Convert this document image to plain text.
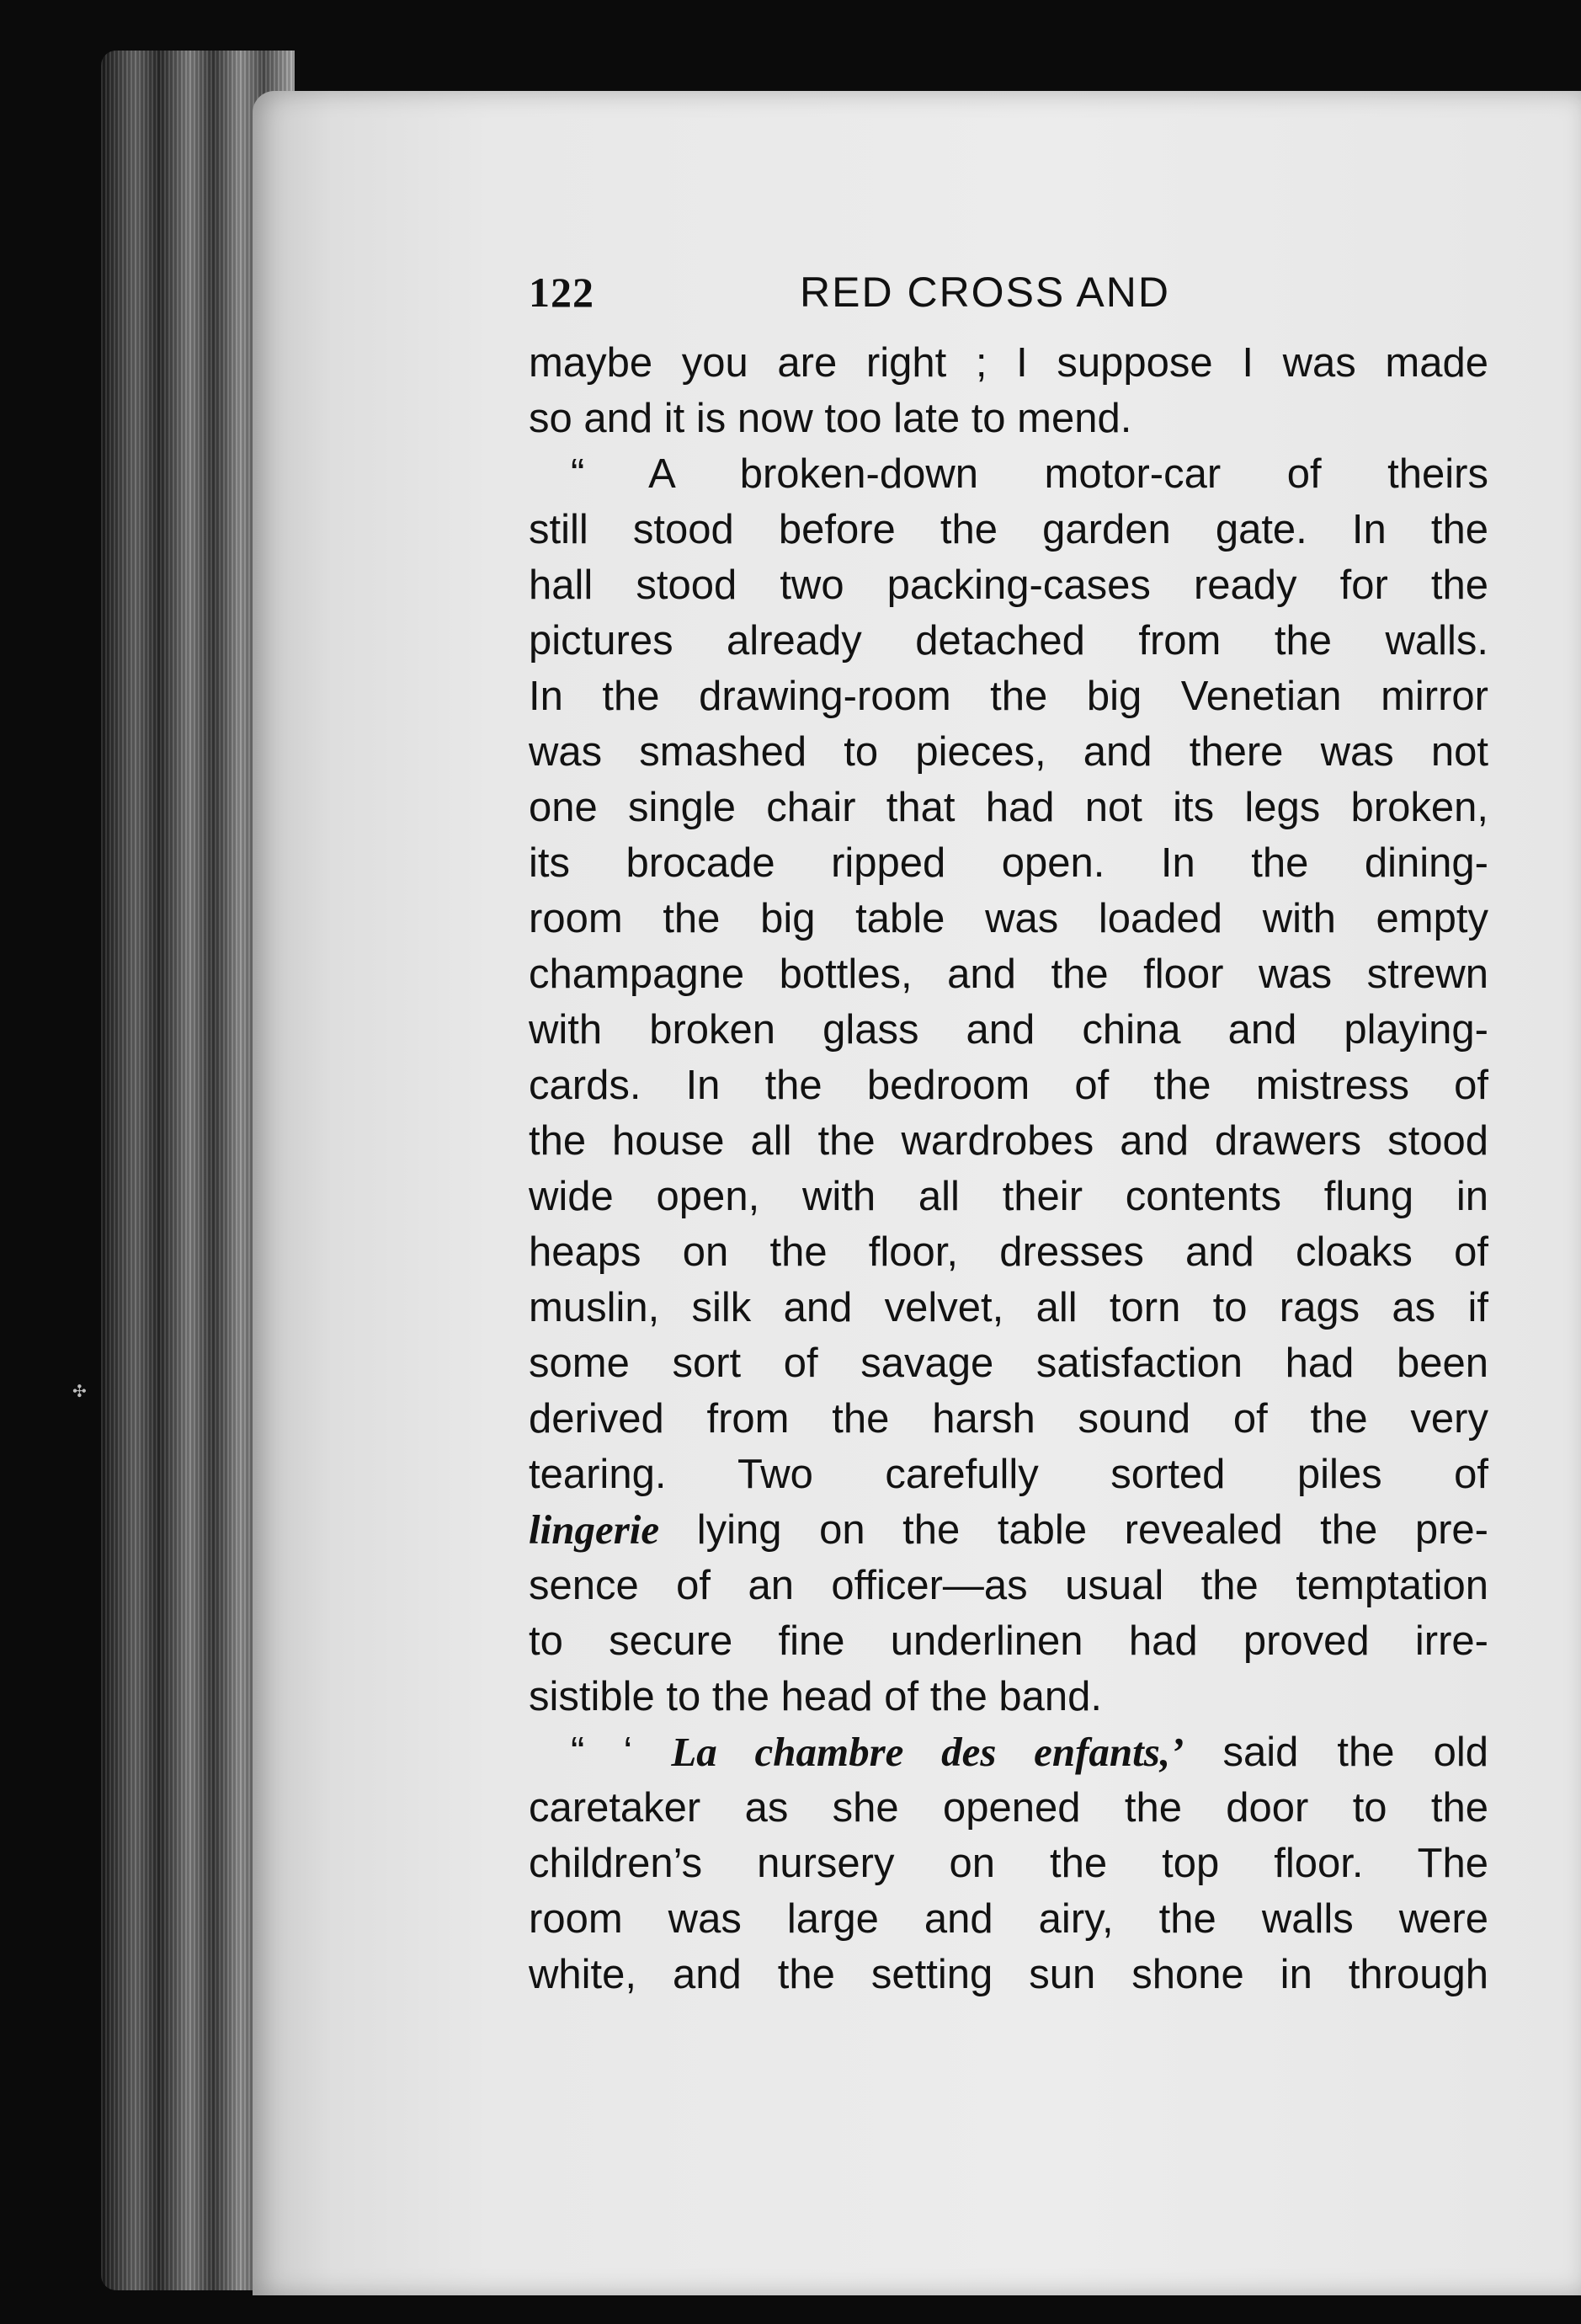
✣
122	RED CROSS AND
maybe you are right ; I suppose I was made
so and it is now too late to mend.
“ A broken-down motor-car of theirs
still stood before the garden gate. In the
hall stood two packing-cases ready for the
pictures already detached from the walls.
In the drawing-room the big Venetian mirror
was smashed to pieces, and there was not
one single chair that had not its legs broken,
its brocade ripped open. In the dining-
room the big table was loaded with empty
champagne bottles, and the floor was strewn
with broken glass and china and playing-
cards. In the bedroom of the mistress of
the house all the wardrobes and drawers stood
wide open, with all their contents flung in
heaps on the floor, dresses and cloaks of
muslin, silk and velvet, all torn to rags as if
some sort of savage satisfaction had been
derived from the harsh sound of the very
tearing. Two carefully sorted piles of
lingerie lying on the table revealed the pre-
sence of an officer—as usual the temptation
to secure fine underlinen had proved irre-
sistible to the head of the band.
“ ‘ La chambre des enfants,’ said the old
caretaker as she opened the door to the
children’s nursery on the top floor. The
room was large and airy, the walls were
white, and the setting sun shone in through
